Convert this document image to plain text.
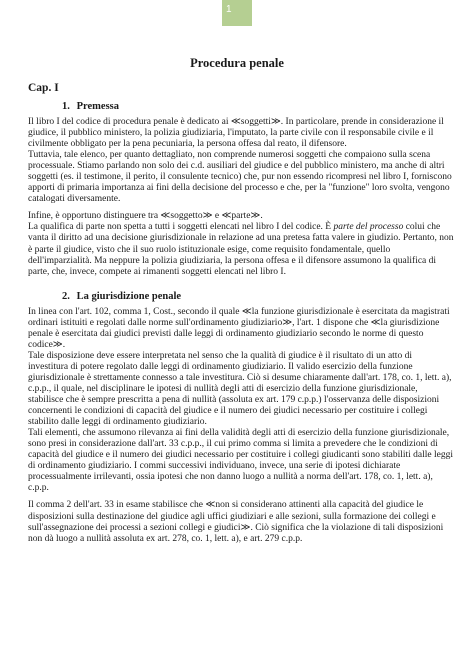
1
Procedura penale
Cap. I
1. Premessa

Il libro I del codice di procedura penale è dedicato ai ≪soggetti≫. In particolare, prende in considerazione il giudice, il pubblico ministero, la polizia giudiziaria, l'imputato, la parte civile con il responsabile civile e il civilmente obbligato per la pena pecuniaria, la persona offesa dal reato, il difensore.

Tuttavia, tale elenco, per quanto dettagliato, non comprende numerosi soggetti che compaiono sulla scena processuale. Stiamo parlando non solo dei c.d. ausiliari del giudice e del pubblico ministero, ma anche di altri soggetti (es. il testimone, il perito, il consulente tecnico) che, pur non essendo ricompresi nel libro I, forniscono apporti di primaria importanza ai fini della decisione del processo e che, per la "funzione" loro svolta, vengono catalogati diversamente.

Infine, è opportuno distinguere tra ≪soggetto≫ e ≪parte≫.

La qualifica di parte non spetta a tutti i soggetti elencati nel libro I del codice. È parte del processo colui che vanta il diritto ad una decisione giurisdizionale in relazione ad una pretesa fatta valere in giudizio. Pertanto, non è parte il giudice, visto che il suo ruolo istituzionale esige, come requisito fondamentale, quello dell'imparzialità. Ma neppure la polizia giudiziaria, la persona offesa e il difensore assumono la qualifica di parte, che, invece, compete ai rimanenti soggetti elencati nel libro I.

2. La giurisdizione penale

In linea con l'art. 102, comma 1, Cost., secondo il quale ≪la funzione giurisdizionale è esercitata da magistrati ordinari istituiti e regolati dalle norme sull'ordinamento giudiziario≫, l'art. 1 dispone che ≪la giurisdizione penale è esercitata dai giudici previsti dalle leggi di ordinamento giudiziario secondo le norme di questo codice≫.

Tale disposizione deve essere interpretata nel senso che la qualità di giudice è il risultato di un atto di investitura di potere regolato dalle leggi di ordinamento giudiziario. Il valido esercizio della funzione giurisdizionale è strettamente connesso a tale investitura. Ciò si desume chiaramente dall'art. 178, co. 1, lett. a), c.p.p., il quale, nel disciplinare le ipotesi di nullità degli atti di esercizio della funzione giurisdizionale, stabilisce che è sempre prescritta a pena di nullità (assoluta ex art. 179 c.p.p.) l'osservanza delle disposizioni concernenti le condizioni di capacità del giudice e il numero dei giudici necessario per costituire i collegi stabilito dalle leggi di ordinamento giudiziario.

Tali elementi, che assumono rilevanza ai fini della validità degli atti di esercizio della funzione giurisdizionale, sono presi in considerazione dall'art. 33 c.p.p., il cui primo comma si limita a prevedere che le condizioni di capacità del giudice e il numero dei giudici necessario per costituire i collegi giudicanti sono stabiliti dalle leggi di ordinamento giudiziario. I commi successivi individuano, invece, una serie di ipotesi dichiarate processualmente irrilevanti, ossia ipotesi che non danno luogo a nullità a norma dell'art. 178, co. 1, lett. a), c.p.p.

Il comma 2 dell'art. 33 in esame stabilisce che ≪non si considerano attinenti alla capacità del giudice le disposizioni sulla destinazione del giudice agli uffici giudiziari e alle sezioni, sulla formazione dei collegi e sull'assegnazione dei processi a sezioni collegi e giudici≫. Ciò significa che la violazione di tali disposizioni non dà luogo a nullità assoluta ex art. 278, co. 1, lett. a), e art. 279 c.p.p.
